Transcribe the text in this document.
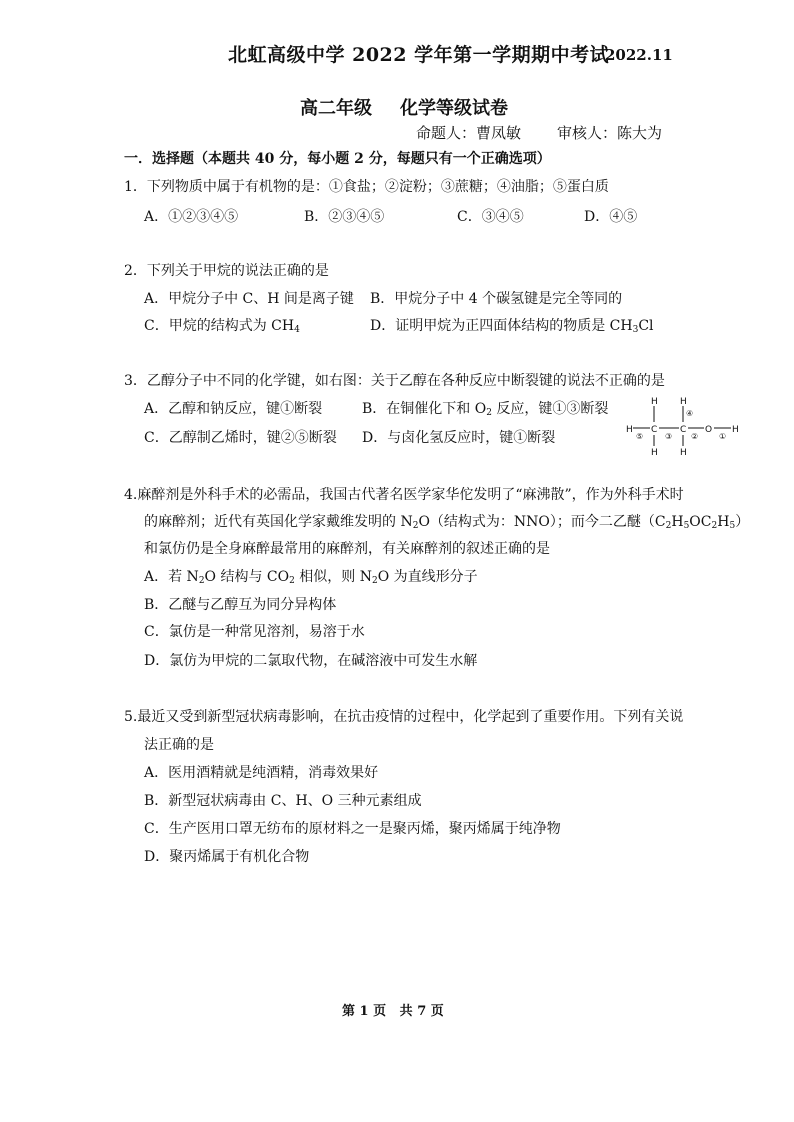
北虹高级中学 2022 学年第一学期期中考试
2022.11
高二年级 化学等级试卷
命题人：曹凤敏 审核人：陈大为
一．选择题（本题共 40 分，每小题 2 分，每题只有一个正确选项）
1．下列物质中属于有机物的是：①食盐；②淀粉；③蔗糖；④油脂；⑤蛋白质
A．①②③④⑤	B．②③④⑤	C．③④⑤	D．④⑤
2．下列关于甲烷的说法正确的是
A．甲烷分子中 C、H 间是离子键 B．甲烷分子中 4 个碳氢键是完全等同的
C．甲烷的结构式为 $CH_4$	D．证明甲烷为正四面体结构的物质是 $CH_3Cl$
3．乙醇分子中不同的化学键，如右图：关于乙醇在各种反应中断裂键的说法不正确的是
A．乙醇和钠反应，键①断裂	B．在铜催化下和 $O_2$ 反应，键①③断裂
C．乙醇制乙烯时，键②⑤断裂 D．与卤化氢反应时，键①断裂
H H
H
H H
H
C	C O
⑤
④
③ ②	①
4.麻醉剂是外科手术的必需品，我国古代著名医学家华佗发明了“麻沸散”，作为外科手术时
的麻醉剂；近代有英国化学家戴维发明的 $N_2O$（结构式为：NNO）；而今二乙醚$(C_2H_5OC_2H_5)$
和氯仿仍是全身麻醉最常用的麻醉剂，有关麻醉剂的叙述正确的是
A．若 $N_2O$ 结构与 $CO_2$ 相似，则 $N_2O$ 为直线形分子
B．乙醚与乙醇互为同分异构体
C．氯仿是一种常见溶剂，易溶于水
D．氯仿为甲烷的二氯取代物，在碱溶液中可发生水解
5.最近又受到新型冠状病毒影响，在抗击疫情的过程中，化学起到了重要作用。下列有关说
法正确的是
A．医用酒精就是纯酒精，消毒效果好
B．新型冠状病毒由 C、H、O 三种元素组成
C．生产医用口罩无纺布的原材料之一是聚丙烯，聚丙烯属于纯净物
D．聚丙烯属于有机化合物
第 1 页   共 7 页
